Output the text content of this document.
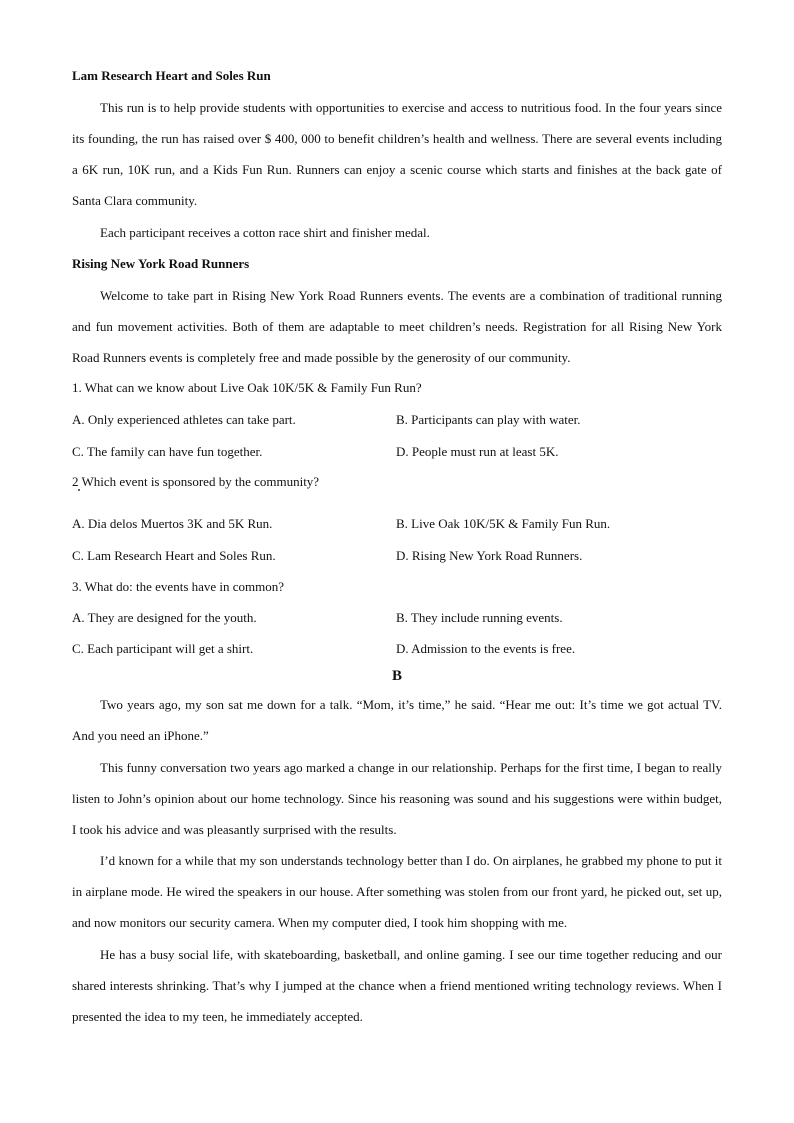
Lam Research Heart and Soles Run

This run is to help provide students with opportunities to exercise and access to nutritious food. In the four years since its founding, the run has raised over $ 400, 000 to benefit children’s health and wellness. There are several events including a 6K run, 10K run, and a Kids Fun Run. Runners can enjoy a scenic course which starts and finishes at the back gate of Santa Clara community.

Each participant receives a cotton race shirt and finisher medal.

Rising New York Road Runners

Welcome to take part in Rising New York Road Runners events. The events are a combination of traditional running and fun movement activities. Both of them are adaptable to meet children’s needs. Registration for all Rising New York Road Runners events is completely free and made possible by the generosity of our community.

1. What can we know about Live Oak 10K/5K & Family Fun Run?
A. Only experienced athletes can take part.	B. Participants can play with water.
C. The family can have fun together.	D. People must run at least 5K.
2 Which event is sponsored by the community?
A. Dia delos Muertos 3K and 5K Run.	B. Live Oak 10K/5K & Family Fun Run.
C. Lam Research Heart and Soles Run.	D. Rising New York Road Runners.
3. What do: the events have in common?
A. They are designed for the youth.	B. They include running events.
C. Each participant will get a shirt.	D. Admission to the events is free.
B

Two years ago, my son sat me down for a talk. “Mom, it’s time,” he said. “Hear me out: It’s time we got actual TV. And you need an iPhone.”

This funny conversation two years ago marked a change in our relationship. Perhaps for the first time, I began to really listen to John’s opinion about our home technology. Since his reasoning was sound and his suggestions were within budget, I took his advice and was pleasantly surprised with the results.

I’d known for a while that my son understands technology better than I do. On airplanes, he grabbed my phone to put it in airplane mode. He wired the speakers in our house. After something was stolen from our front yard, he picked out, set up, and now monitors our security camera. When my computer died, I took him shopping with me.

He has a busy social life, with skateboarding, basketball, and online gaming. I see our time together reducing and our shared interests shrinking. That’s why I jumped at the chance when a friend mentioned writing technology reviews. When I presented the idea to my teen, he immediately accepted.
